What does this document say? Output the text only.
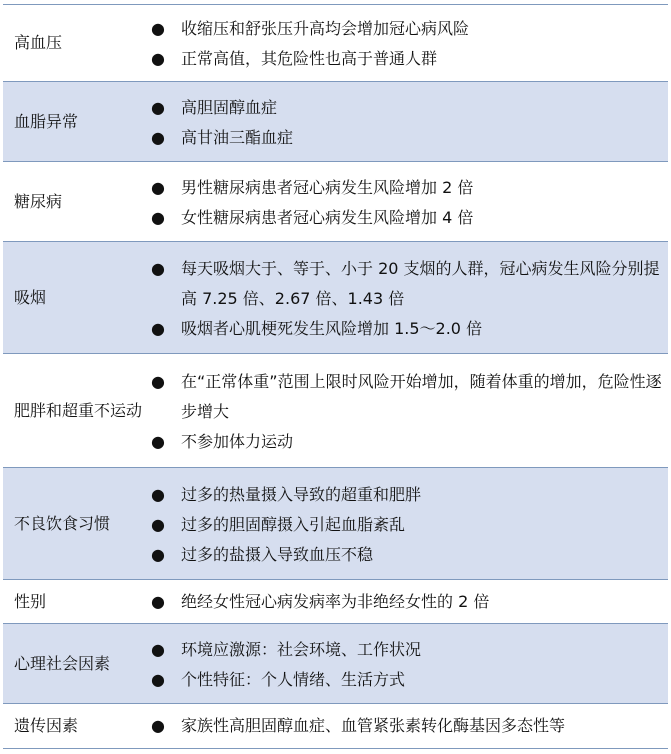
高血压
●	收缩压和舒张压升高均会增加冠心病风险
●	正常高值，其危险性也高于普通人群
血脂异常
●	高胆固醇血症
●	高甘油三酯血症
糖尿病
●	男性糖尿病患者冠心病发生风险增加 2 倍
●	女性糖尿病患者冠心病发生风险增加 4 倍
吸烟
●	每天吸烟大于、等于、小于 20 支烟的人群，冠心病发生风险分别提高 7.25 倍、2.67 倍、1.43 倍
●	吸烟者心肌梗死发生风险增加 1.5～2.0 倍
肥胖和超重不运动
●	在“正常体重”范围上限时风险开始增加，随着体重的增加，危险性逐步增大
●	不参加体力运动
不良饮食习惯
●	过多的热量摄入导致的超重和肥胖
●	过多的胆固醇摄入引起血脂紊乱
●	过多的盐摄入导致血压不稳
性别	●	绝经女性冠心病发病率为非绝经女性的 2 倍
心理社会因素
●	环境应激源：社会环境、工作状况
●	个性特征：个人情绪、生活方式
遗传因素	●	家族性高胆固醇血症、血管紧张素转化酶基因多态性等
